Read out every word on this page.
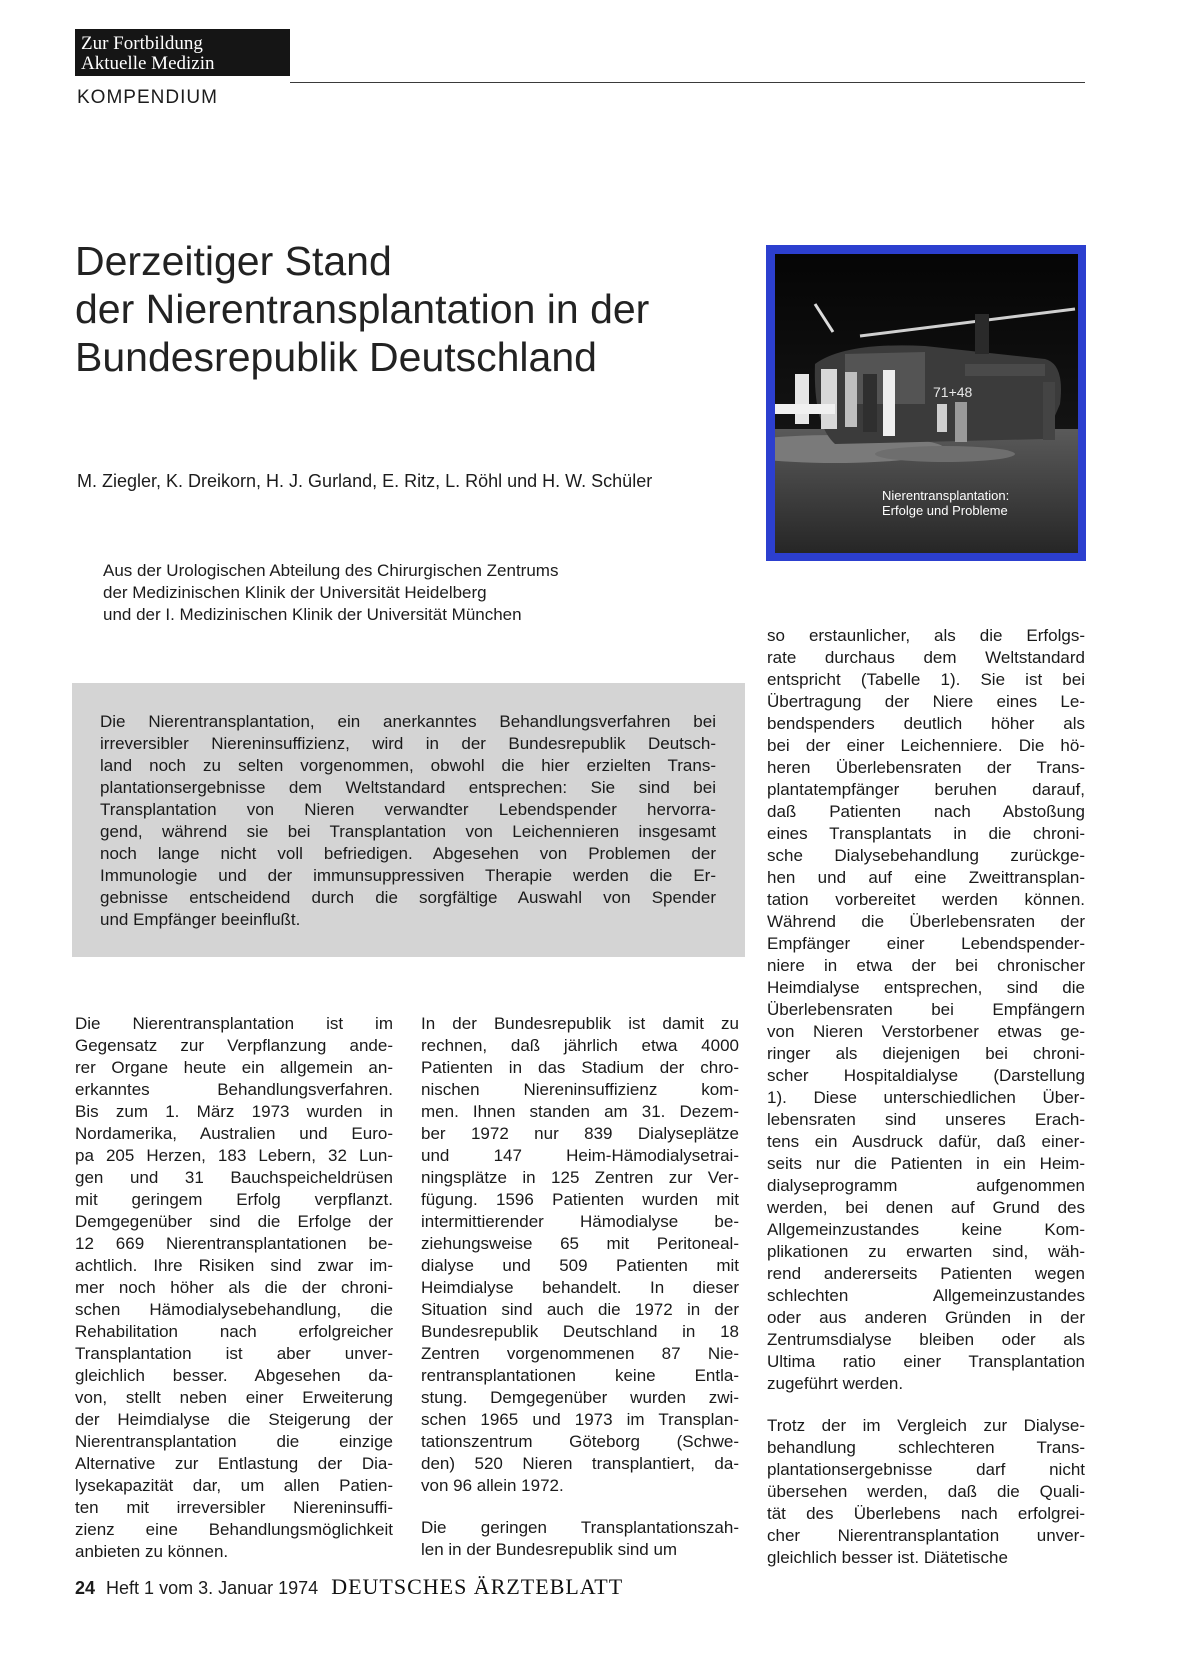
Zur Fortbildung
Aktuelle Medizin
KOMPENDIUM
Derzeitiger Stand
der Nierentransplantation in der
Bundesrepublik Deutschland
M. Ziegler, K. Dreikorn, H. J. Gurland, E. Ritz, L. Röhl und H. W. Schüler
Aus der Urologischen Abteilung des Chirurgischen Zentrums
der Medizinischen Klinik der Universität Heidelberg
und der I. Medizinischen Klinik der Universität München
71+48
Nierentransplantation:
Erfolge und Probleme
Die Nierentransplantation, ein anerkanntes Behandlungsverfahren bei
irreversibler Niereninsuffizienz, wird in der Bundesrepublik Deutsch-
land noch zu selten vorgenommen, obwohl die hier erzielten Trans-
plantationsergebnisse dem Weltstandard entsprechen: Sie sind bei
Transplantation von Nieren verwandter Lebendspender hervorra-
gend, während sie bei Transplantation von Leichennieren insgesamt
noch lange nicht voll befriedigen. Abgesehen von Problemen der
Immunologie und der immunsuppressiven Therapie werden die Er-
gebnisse entscheidend durch die sorgfältige Auswahl von Spender
und Empfänger beeinflußt.
Die Nierentransplantation ist im
Gegensatz zur Verpflanzung ande-
rer Organe heute ein allgemein an-
erkanntes Behandlungsverfahren.
Bis zum 1. März 1973 wurden in
Nordamerika, Australien und Euro-
pa 205 Herzen, 183 Lebern, 32 Lun-
gen und 31 Bauchspeicheldrüsen
mit geringem Erfolg verpflanzt.
Demgegenüber sind die Erfolge der
12 669 Nierentransplantationen be-
achtlich. Ihre Risiken sind zwar im-
mer noch höher als die der chroni-
schen Hämodialysebehandlung, die
Rehabilitation nach erfolgreicher
Transplantation ist aber unver-
gleichlich besser. Abgesehen da-
von, stellt neben einer Erweiterung
der Heimdialyse die Steigerung der
Nierentransplantation die einzige
Alternative zur Entlastung der Dia-
lysekapazität dar, um allen Patien-
ten mit irreversibler Niereninsuffi-
zienz eine Behandlungsmöglichkeit
anbieten zu können.
In der Bundesrepublik ist damit zu
rechnen, daß jährlich etwa 4000
Patienten in das Stadium der chro-
nischen Niereninsuffizienz kom-
men. Ihnen standen am 31. Dezem-
ber 1972 nur 839 Dialyseplätze
und 147 Heim-Hämodialysetrai-
ningsplätze in 125 Zentren zur Ver-
fügung. 1596 Patienten wurden mit
intermittierender Hämodialyse be-
ziehungsweise 65 mit Peritoneal-
dialyse und 509 Patienten mit
Heimdialyse behandelt. In dieser
Situation sind auch die 1972 in der
Bundesrepublik Deutschland in 18
Zentren vorgenommenen 87 Nie-
rentransplantationen keine Entla-
stung. Demgegenüber wurden zwi-
schen 1965 und 1973 im Transplan-
tationszentrum Göteborg (Schwe-
den) 520 Nieren transplantiert, da-
von 96 allein 1972.
Die geringen Transplantationszah-
len in der Bundesrepublik sind um
so erstaunlicher, als die Erfolgs-
rate durchaus dem Weltstandard
entspricht (Tabelle 1). Sie ist bei
Übertragung der Niere eines Le-
bendspenders deutlich höher als
bei der einer Leichenniere. Die hö-
heren Überlebensraten der Trans-
plantatempfänger beruhen darauf,
daß Patienten nach Abstoßung
eines Transplantats in die chroni-
sche Dialysebehandlung zurückge-
hen und auf eine Zweittransplan-
tation vorbereitet werden können.
Während die Überlebensraten der
Empfänger einer Lebendspender-
niere in etwa der bei chronischer
Heimdialyse entsprechen, sind die
Überlebensraten bei Empfängern
von Nieren Verstorbener etwas ge-
ringer als diejenigen bei chroni-
scher Hospitaldialyse (Darstellung
1). Diese unterschiedlichen Über-
lebensraten sind unseres Erach-
tens ein Ausdruck dafür, daß einer-
seits nur die Patienten in ein Heim-
dialyseprogramm aufgenommen
werden, bei denen auf Grund des
Allgemeinzustandes keine Kom-
plikationen zu erwarten sind, wäh-
rend andererseits Patienten wegen
schlechten Allgemeinzustandes
oder aus anderen Gründen in der
Zentrumsdialyse bleiben oder als
Ultima ratio einer Transplantation
zugeführt werden.
Trotz der im Vergleich zur Dialyse-
behandlung schlechteren Trans-
plantationsergebnisse darf nicht
übersehen werden, daß die Quali-
tät des Überlebens nach erfolgrei-
cher Nierentransplantation unver-
gleichlich besser ist. Diätetische
24 Heft 1 vom 3. Januar 1974 DEUTSCHES ÄRZTEBLATT
